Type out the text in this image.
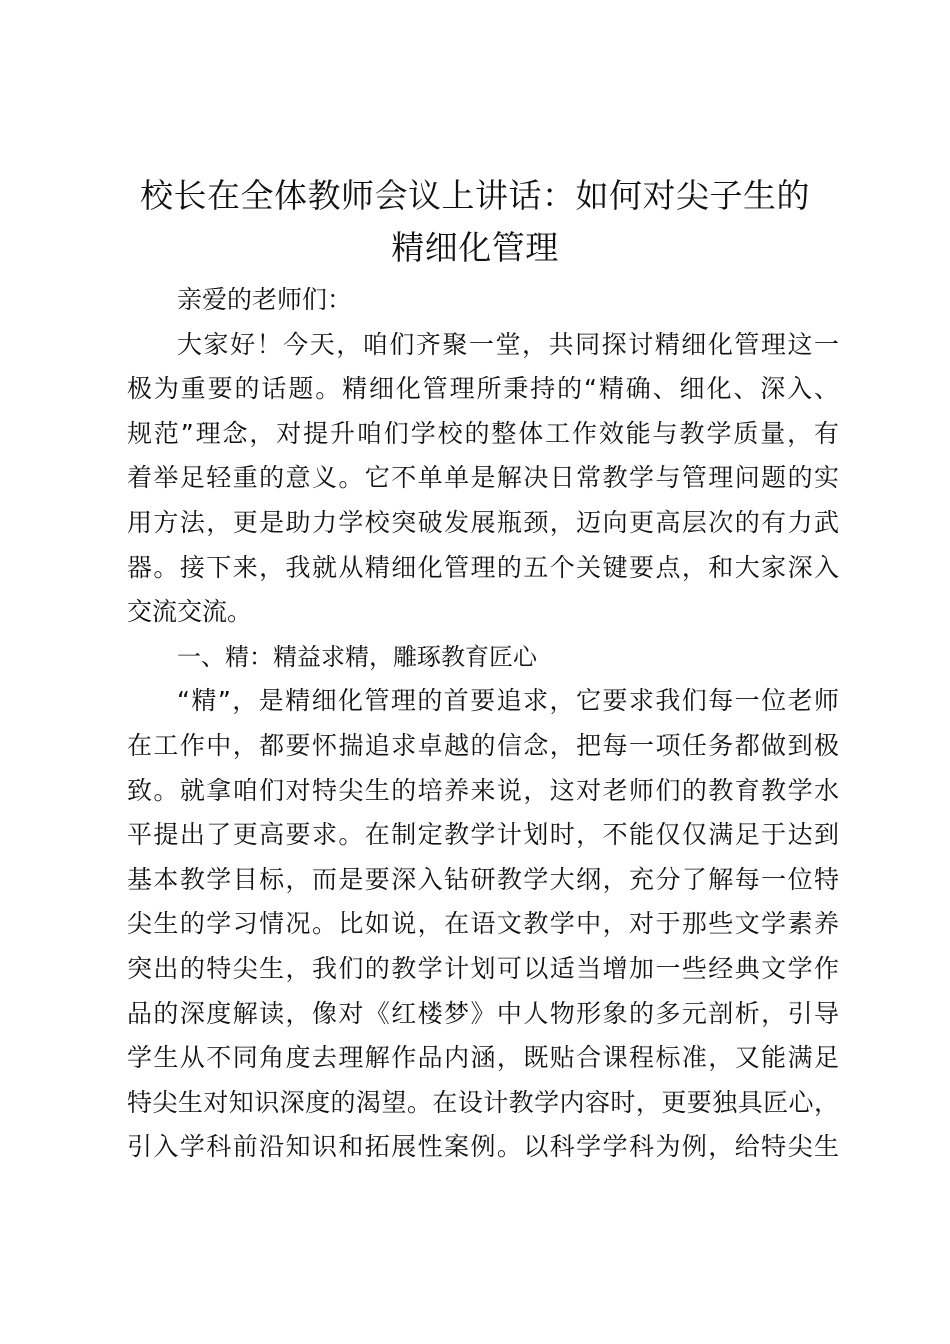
校长在全体教师会议上讲话：如何对尖子生的
精细化管理
亲爱的老师们：
大家好！今天，咱们齐聚一堂，共同探讨精细化管理这一
极为重要的话题。精细化管理所秉持的“精确、细化、深入、
规范”理念，对提升咱们学校的整体工作效能与教学质量，有
着举足轻重的意义。它不单单是解决日常教学与管理问题的实
用方法，更是助力学校突破发展瓶颈，迈向更高层次的有力武
器。接下来，我就从精细化管理的五个关键要点，和大家深入
交流交流。
一、精：精益求精，雕琢教育匠心
“精”，是精细化管理的首要追求，它要求我们每一位老师
在工作中，都要怀揣追求卓越的信念，把每一项任务都做到极
致。就拿咱们对特尖生的培养来说，这对老师们的教育教学水
平提出了更高要求。在制定教学计划时，不能仅仅满足于达到
基本教学目标，而是要深入钻研教学大纲，充分了解每一位特
尖生的学习情况。比如说，在语文教学中，对于那些文学素养
突出的特尖生，我们的教学计划可以适当增加一些经典文学作
品的深度解读，像对《红楼梦》中人物形象的多元剖析，引导
学生从不同角度去理解作品内涵，既贴合课程标准，又能满足
特尖生对知识深度的渴望。在设计教学内容时，更要独具匠心，
引入学科前沿知识和拓展性案例。以科学学科为例，给特尖生
